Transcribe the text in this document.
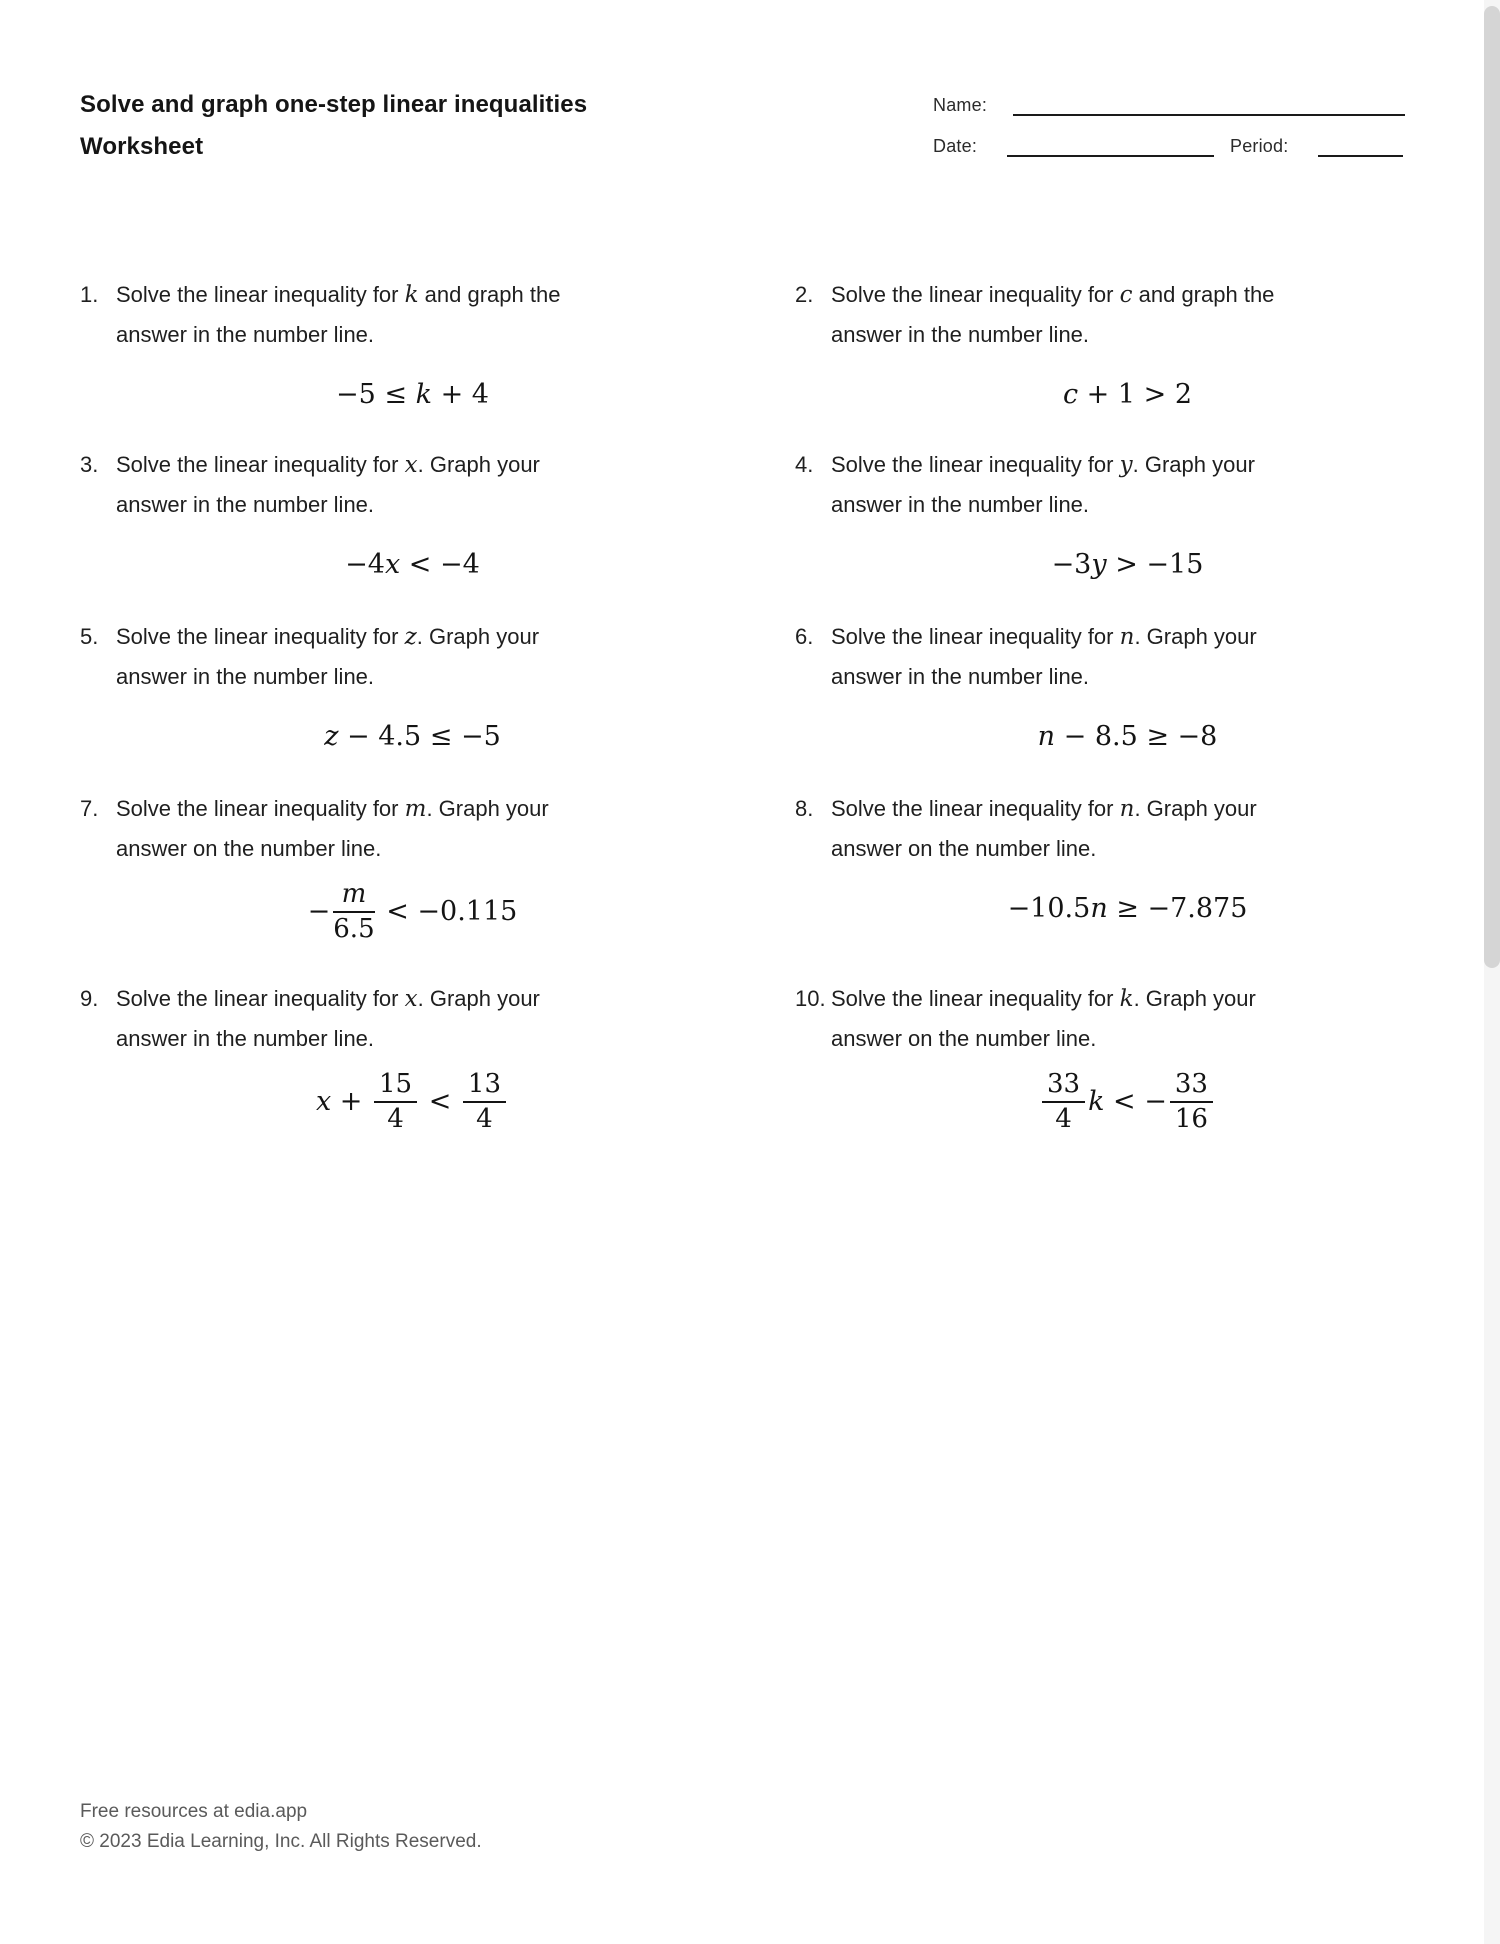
Solve and graph one-step linear inequalities
Worksheet
Name:
Date:	Period:
1. Solve the linear inequality for k and graph the
answer in the number line.
−5 ≤ k + 4
2. Solve the linear inequality for c and graph the
answer in the number line.
c + 1 > 2
3. Solve the linear inequality for x. Graph your
answer in the number line.
−4x < −4
4. Solve the linear inequality for y. Graph your
answer in the number line.
−3y > −15
5. Solve the linear inequality for z. Graph your
answer in the number line.
z − 4.5 ≤ −5
6. Solve the linear inequality for n. Graph your
answer in the number line.
n − 8.5 ≥ −8
7. Solve the linear inequality for m. Graph your
answer on the number line.
− $\frac{m}{6.5} < -0.115$
8. Solve the linear inequality for n. Graph your
answer on the number line.
−10.5n ≥ −7.875
9. Solve the linear inequality for x. Graph your
answer in the number line.
$x + \frac{15}{4} < \frac{13}{4}$
10. Solve the linear inequality for k. Graph your
answer on the number line.
$\frac{33}{4}$ k < − $\frac{33}{16}$
Free resources at edia.app
© 2023 Edia Learning, Inc. All Rights Reserved.
